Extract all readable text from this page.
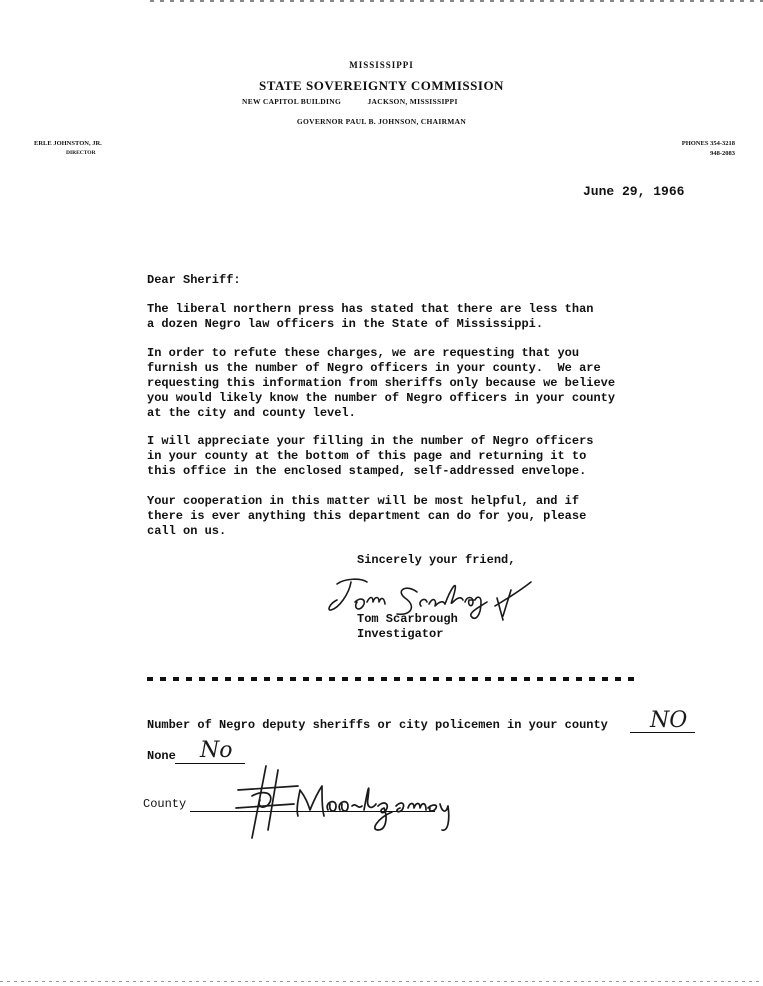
MISSISSIPPI
STATE SOVEREIGNTY COMMISSION
NEW CAPITOL BUILDING	JACKSON, MISSISSIPPI
GOVERNOR PAUL B. JOHNSON, CHAIRMAN
ERLE JOHNSTON, JR.
DIRECTOR
PHONES 354-3218
948-2083
June 29, 1966
Dear Sheriff:
The liberal northern press has stated that there are less than
a dozen Negro law officers in the State of Mississippi.
In order to refute these charges, we are requesting that you
furnish us the number of Negro officers in your county.  We are
requesting this information from sheriffs only because we believe
you would likely know the number of Negro officers in your county
at the city and county level.
I will appreciate your filling in the number of Negro officers
in your county at the bottom of this page and returning it to
this office in the enclosed stamped, self-addressed envelope.
Your cooperation in this matter will be most helpful, and if
there is ever anything this department can do for you, please
call on us.
Sincerely your friend,
Tom Scarbrough
Investigator
Number of Negro deputy sheriffs or city policemen in your county NO
None No
County
